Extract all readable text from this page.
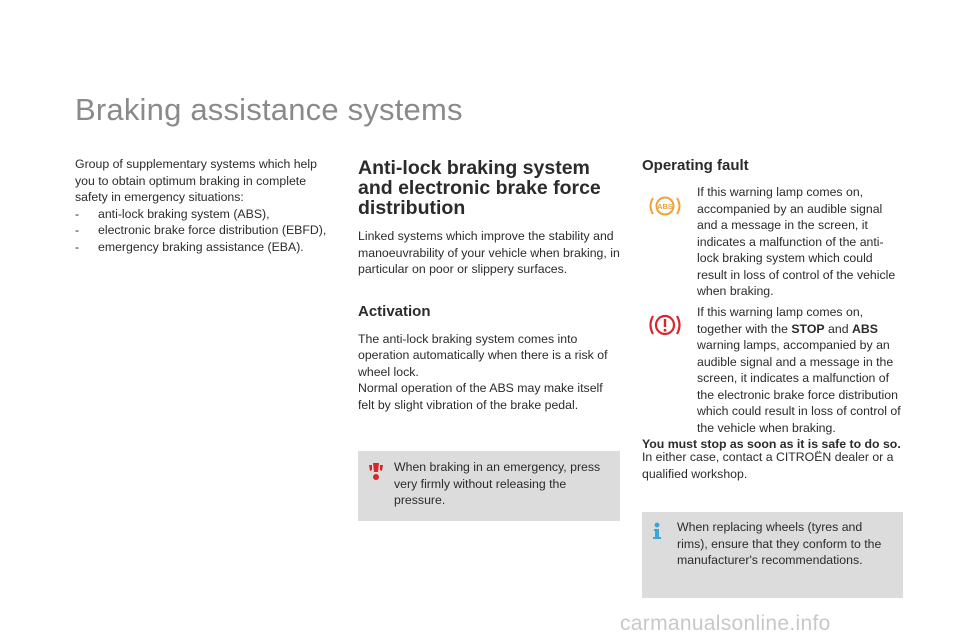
Braking assistance systems

Group of supplementary systems which help you to obtain optimum braking in complete safety in emergency situations:

- anti-lock braking system (ABS),
- electronic brake force distribution (EBFD),
- emergency braking assistance (EBA).
Anti-lock braking system and electronic brake force distribution

Linked systems which improve the stability and manoeuvrability of your vehicle when braking, in particular on poor or slippery surfaces.

Activation

The anti-lock braking system comes into operation automatically when there is a risk of wheel lock.

Normal operation of the ABS may make itself felt by slight vibration of the brake pedal.

When braking in an emergency, press very firmly without releasing the pressure.
Operating fault
ABS
If this warning lamp comes on, accompanied by an audible signal and a message in the screen, it indicates a malfunction of the anti-lock braking system which could result in loss of control of the vehicle when braking.
If this warning lamp comes on, together with the STOP and ABS warning lamps, accompanied by an audible signal and a message in the screen, it indicates a malfunction of the electronic brake force distribution which could result in loss of control of the vehicle when braking.
You must stop as soon as it is safe to do so.
In either case, contact a CITROËN dealer or a qualified workshop.
When replacing wheels (tyres and rims), ensure that they conform to the manufacturer's recommendations.
carmanualsonline.info
